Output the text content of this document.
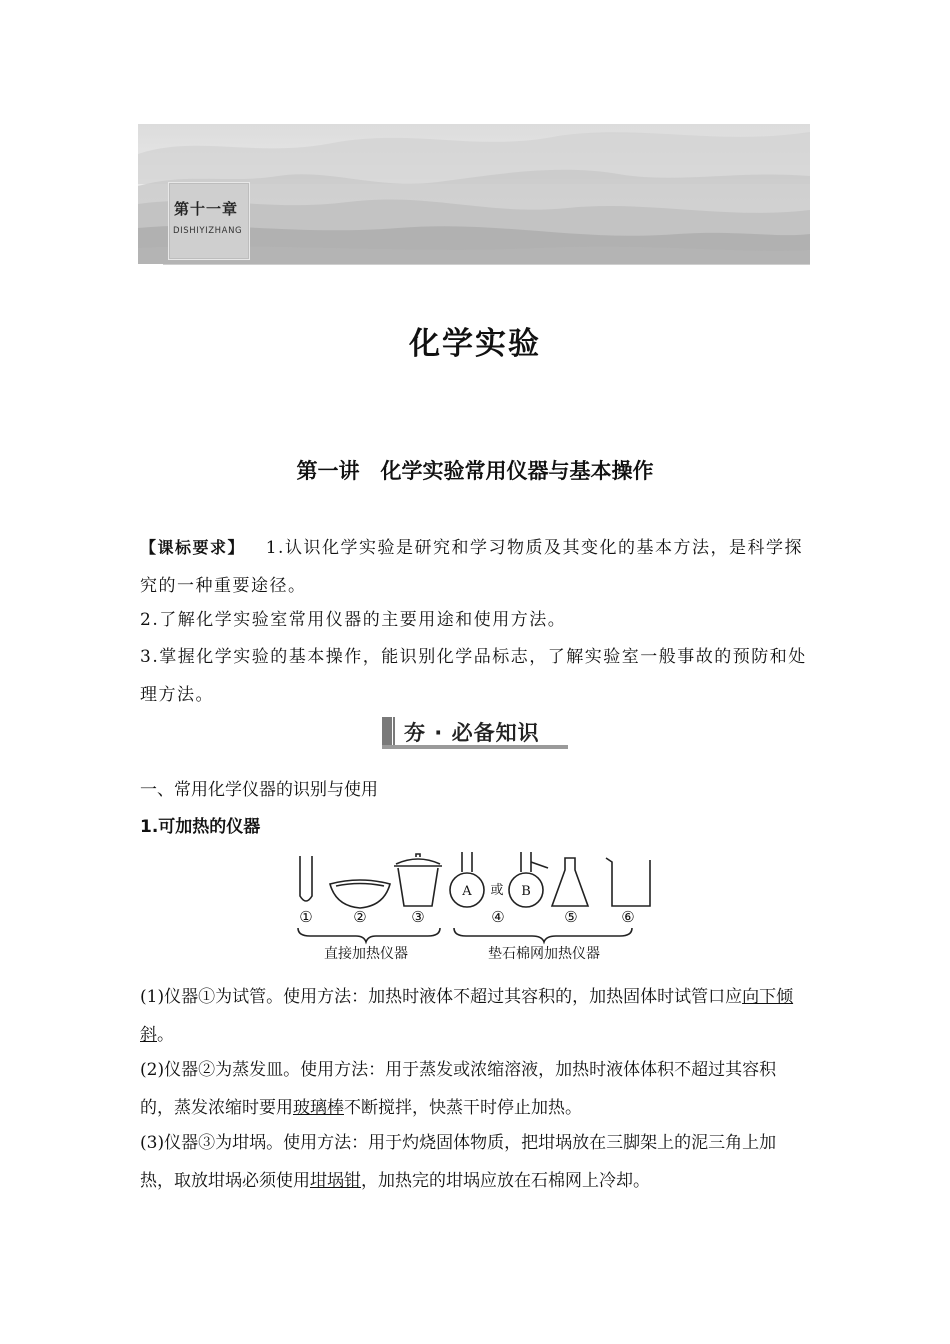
第十一章
DISHIYIZHANG
化学实验
第一讲　化学实验常用仪器与基本操作
【课标要求】 1.认识化学实验是研究和学习物质及其变化的基本方法，是科学探究的一种重要途径。
2.了解化学实验室常用仪器的主要用途和使用方法。
3.掌握化学实验的基本操作，能识别化学品标志，了解实验室一般事故的预防和处理方法。
夯 · 必备知识
一、常用化学仪器的识别与使用
1.可加热的仪器
①	②	③	④	⑤	⑥
A 或 B
直接加热仪器	垫石棉网加热仪器
(1)仪器①为试管。使用方法：加热时液体不超过其容积的，加热固体时试管口应向下倾斜。
(2)仪器②为蒸发皿。使用方法：用于蒸发或浓缩溶液，加热时液体体积不超过其容积的，蒸发浓缩时要用玻璃棒不断搅拌，快蒸干时停止加热。
(3)仪器③为坩埚。使用方法：用于灼烧固体物质，把坩埚放在三脚架上的泥三角上加热，取放坩埚必须使用坩埚钳，加热完的坩埚应放在石棉网上冷却。
